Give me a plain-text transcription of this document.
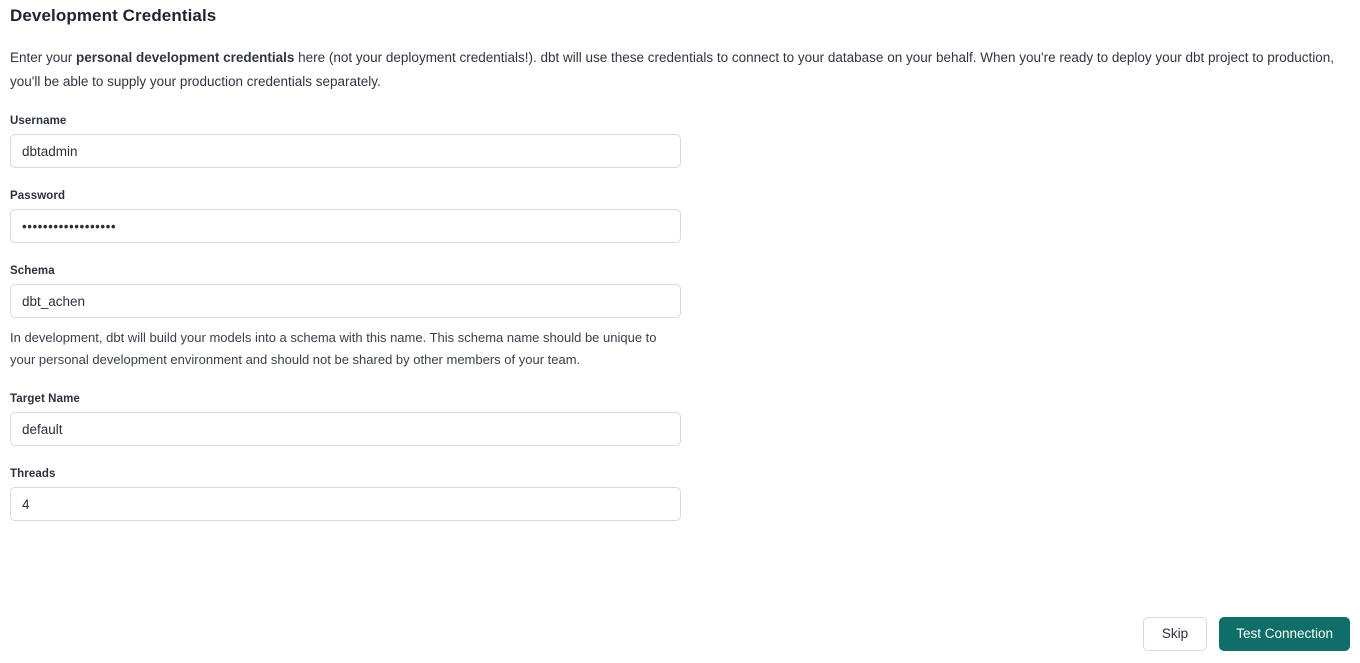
Development Credentials

Enter your personal development credentials here (not your deployment credentials!). dbt will use these credentials to connect to your database on your behalf. When you're ready to deploy your dbt project to production, you'll be able to supply your production credentials separately.

Username
dbtadmin
Password
••••••••••••••••••
Schema
dbt_achen
In development, dbt will build your models into a schema with this name. This schema name should be unique to your personal development environment and should not be shared by other members of your team.
Target Name
default
Threads
4
Skip	Test Connection
